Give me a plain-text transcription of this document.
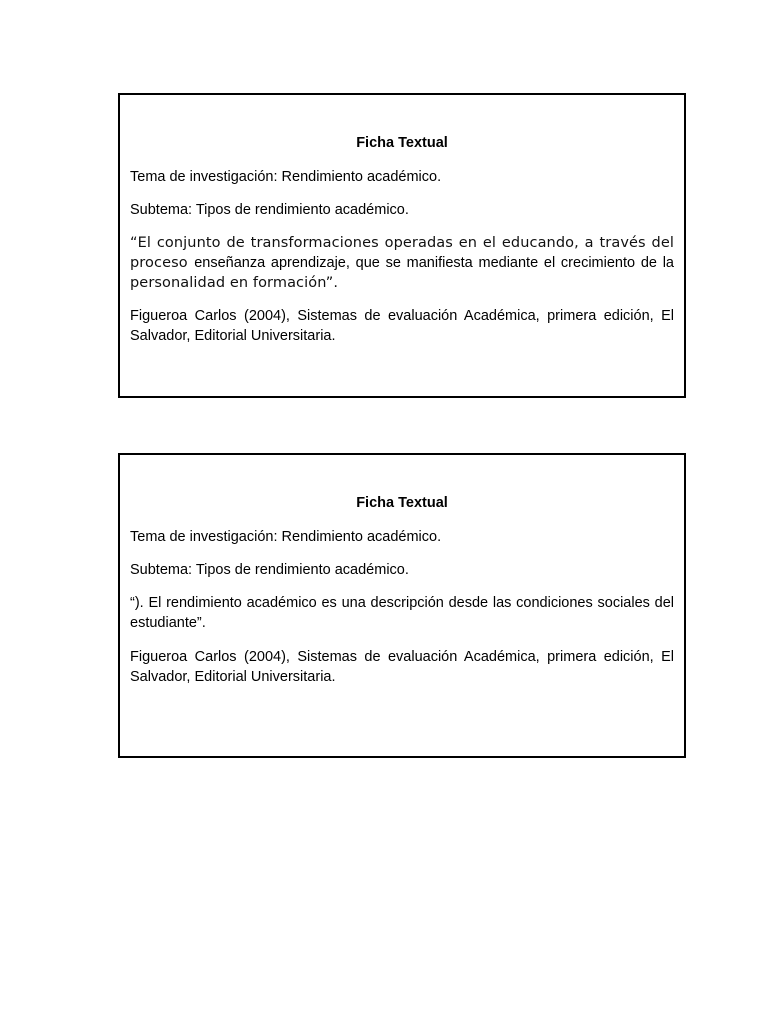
Ficha Textual

Tema de investigación: Rendimiento académico.

Subtema: Tipos de rendimiento académico.

“El conjunto de transformaciones operadas en el educando, a través del proceso enseñanza aprendizaje, que se manifiesta mediante el crecimiento de la personalidad en formación”.

Figueroa Carlos (2004), Sistemas de evaluación Académica, primera edición, El Salvador, Editorial Universitaria.

Ficha Textual

Tema de investigación: Rendimiento académico.

Subtema: Tipos de rendimiento académico.

“). El rendimiento académico es una descripción desde las condiciones sociales del estudiante”.

Figueroa Carlos (2004), Sistemas de evaluación Académica, primera edición, El Salvador, Editorial Universitaria.
